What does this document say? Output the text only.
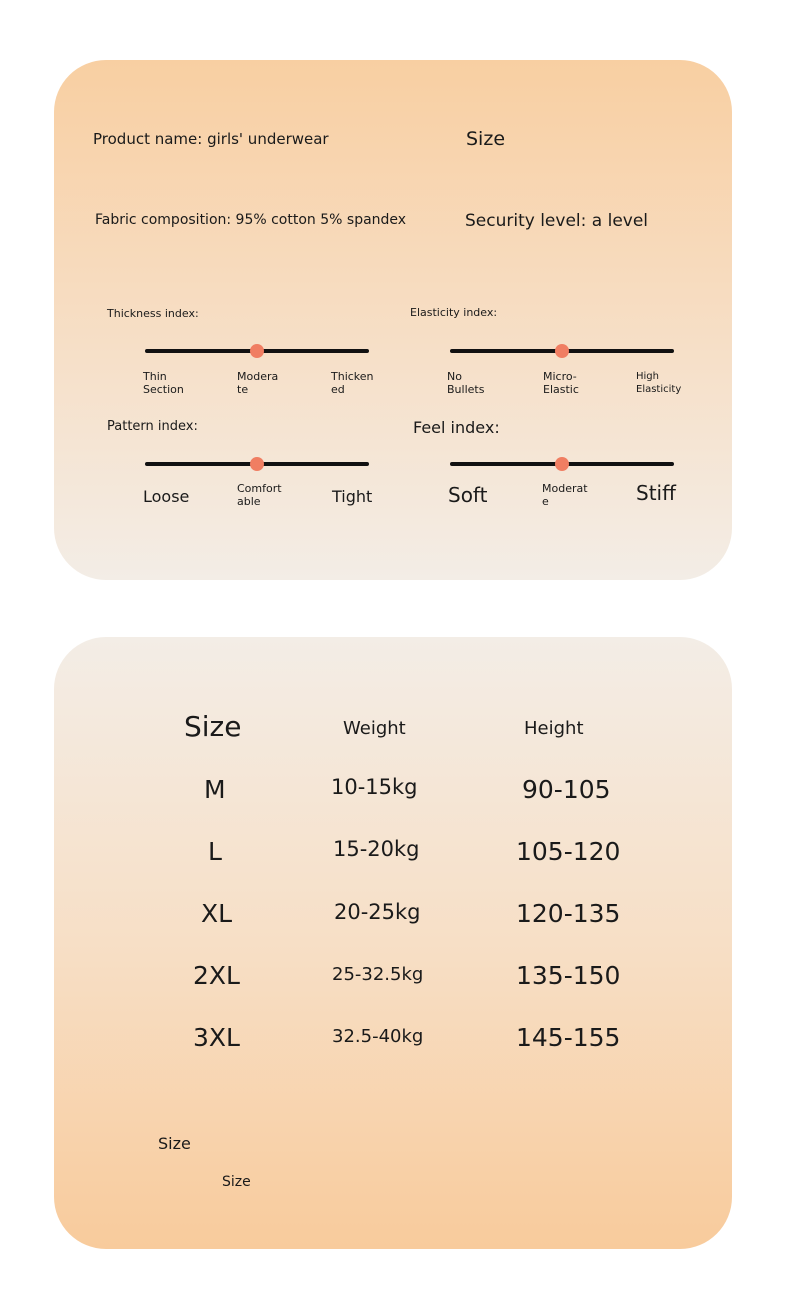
Product name: girls' underwear	Size
Fabric composition: 95% cotton 5% spandex	Security level: a level
Thickness index:
Thin
Section
Modera
te
Thicken
ed
Elasticity index:
No
Bullets
Micro-
Elastic
High
Elasticity
Pattern index:
Loose	Comfort
able	Tight
Feel index:
Soft	Moderat
e	Stiff
Size	Weight	Height
M	10-15kg	90-105
L	15-20kg	105-120
XL	20-25kg	120-135
2XL	25-32.5kg	135-150
3XL	32.5-40kg	145-155
Size
Size
